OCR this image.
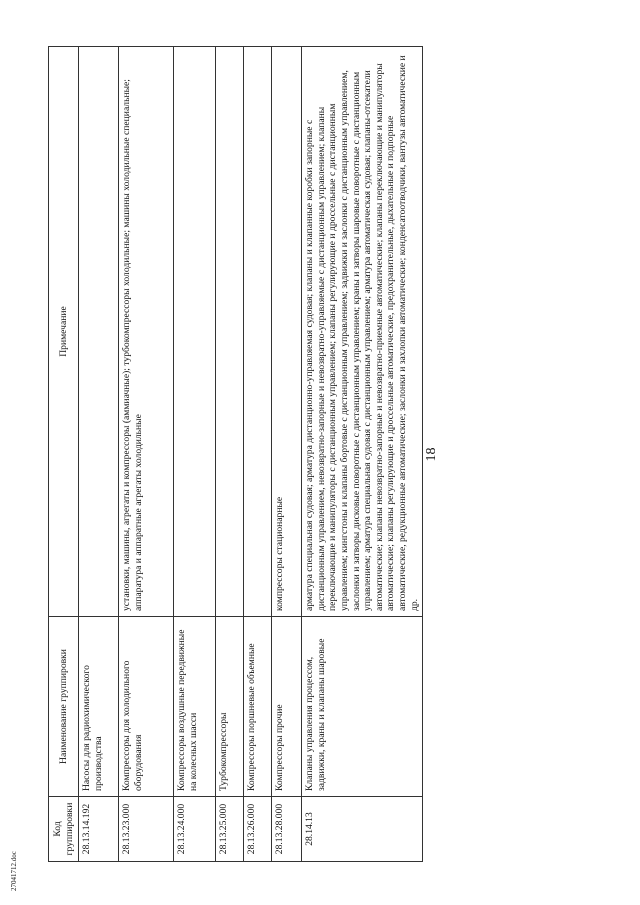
Код группировки	Наименование группировки	Примечание
28.13.14.192	Насосы для радиохимического производства	
28.13.23.000	Компрессоры для холодильного оборудования	установки, машины, агрегаты и компрессоры (аммиачные); турбокомпрессоры холодильные; машины холодильные специальные; аппаратура и аппаратные агрегаты холодильные
28.13.24.000	Компрессоры воздушные передвижные на колесных шасси	
28.13.25.000	Турбокомпрессоры	
28.13.26.000	Компрессоры поршневые объемные	
28.13.28.000	Компрессоры прочие	компрессоры стационарные
28.14.13	Клапаны управления процессом, задвижки, краны и клапаны шаровые	арматура специальная судовая; арматура дистанционно-управляемая судовая; клапаны и клапанные коробки запорные с дистанционным управлением, невозвратно-запорные и невозвратно-управляемые с дистанционным управлением; клапаны переключающие и манипуляторы с дистанционным управлением; клапаны регулирующие и дроссельные с дистанционным управлением; кингстоны и клапаны бортовые с дистанционным управлением; задвижки и заслонки с дистанционным управлением, заслонки и затворы дисковые поворотные с дистанционным управлением; краны и затворы шаровые поворотные с дистанционным управлением; арматура специальная судовая с дистанционным управлением; арматура автоматическая судовая; клапаны-отсекатели автоматические; клапаны невозвратно-запорные и невозвратно-приемные автоматические; клапаны переключающие и манипуляторы автоматические; клапаны регулирующие и дроссельные автоматические, предохранительные, дыхательные и подпорные автоматические, редукционные автоматические; заслонки и захлопки автоматические; конденсатоотводчики, вантузы автоматические и др.
18
27041712.doc
